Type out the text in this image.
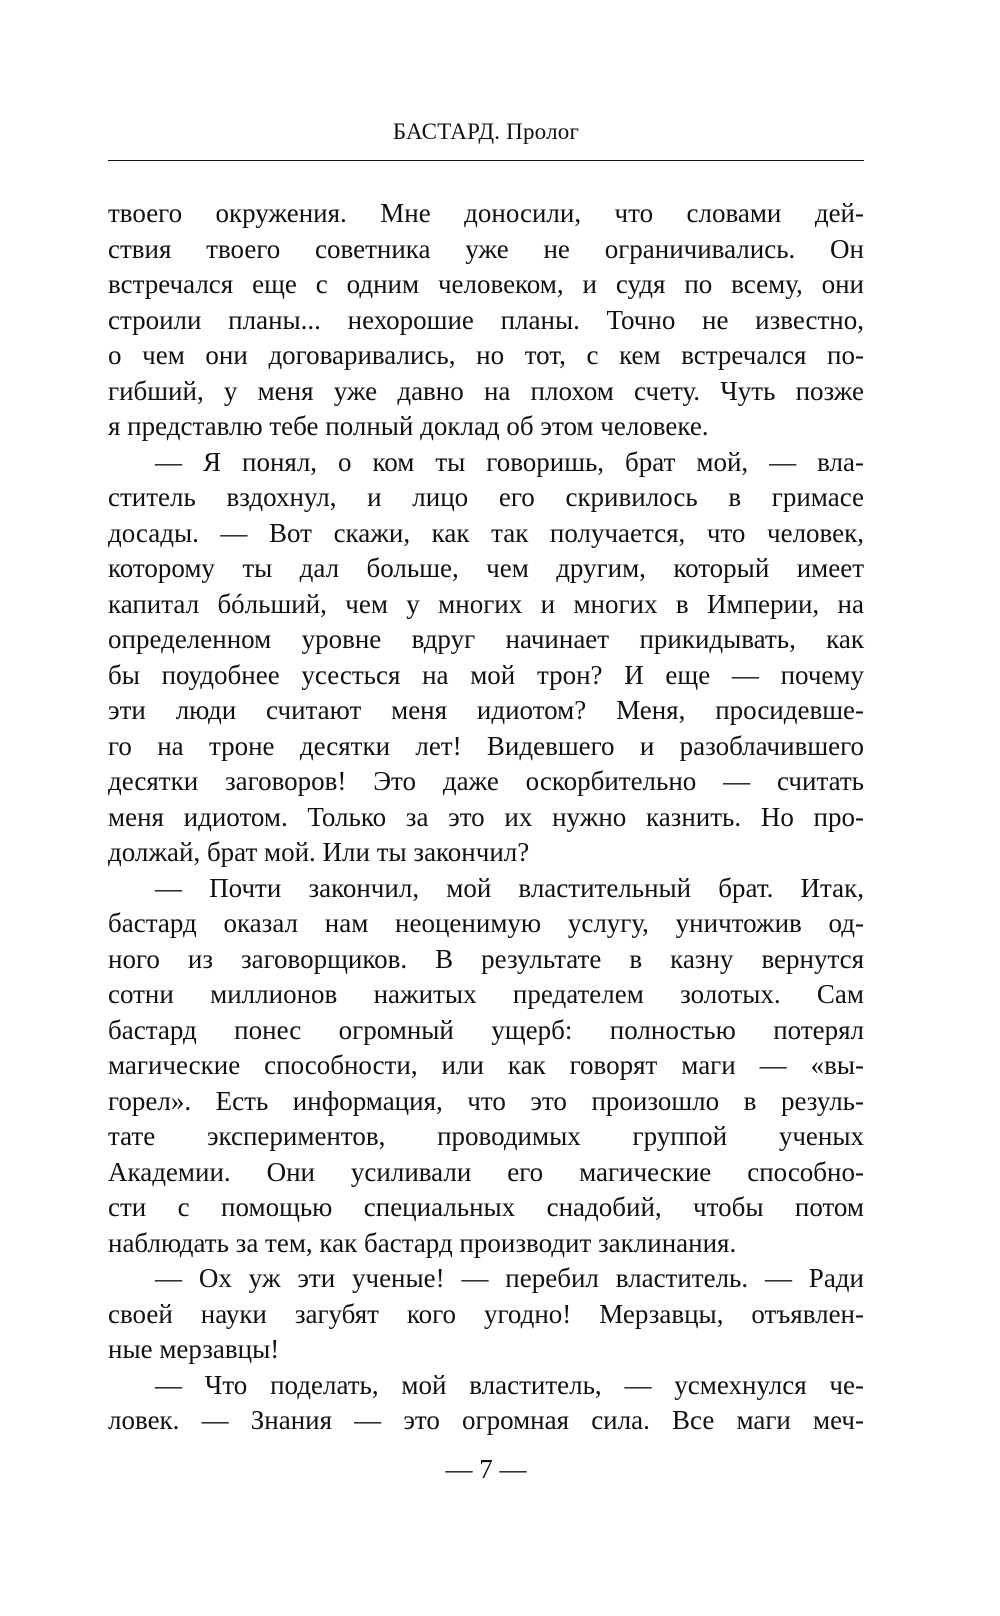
БАСТАРД. Пролог
твоего окружения. Мне доносили, что словами дей-
ствия твоего советника уже не ограничивались. Он
встречался еще с одним человеком, и судя по всему, они
строили планы... нехорошие планы. Точно не известно,
о чем они договаривались, но тот, с кем встречался по-
гибший, у меня уже давно на плохом счету. Чуть позже
я представлю тебе полный доклад об этом человеке.
— Я понял, о ком ты говоришь, брат мой, — вла-
ститель вздохнул, и лицо его скривилось в гримасе
досады. — Вот скажи, как так получается, что человек,
которому ты дал больше, чем другим, который имеет
капитал бóльший, чем у многих и многих в Империи, на
определенном уровне вдруг начинает прикидывать, как
бы поудобнее усесться на мой трон? И еще — почему
эти люди считают меня идиотом? Меня, просидевше-
го на троне десятки лет! Видевшего и разоблачившего
десятки заговоров! Это даже оскорбительно — считать
меня идиотом. Только за это их нужно казнить. Но про-
должай, брат мой. Или ты закончил?
— Почти закончил, мой властительный брат. Итак,
бастард оказал нам неоценимую услугу, уничтожив од-
ного из заговорщиков. В результате в казну вернутся
сотни миллионов нажитых предателем золотых. Сам
бастард понес огромный ущерб: полностью потерял
магические способности, или как говорят маги — «вы-
горел». Есть информация, что это произошло в резуль-
тате экспериментов, проводимых группой ученых
Академии. Они усиливали его магические способно-
сти с помощью специальных снадобий, чтобы потом
наблюдать за тем, как бастард производит заклинания.
— Ох уж эти ученые! — перебил властитель. — Ради
своей науки загубят кого угодно! Мерзавцы, отъявлен-
ные мерзавцы!
— Что поделать, мой властитель, — усмехнулся че-
ловек. — Знания — это огромная сила. Все маги меч-
— 7 —
